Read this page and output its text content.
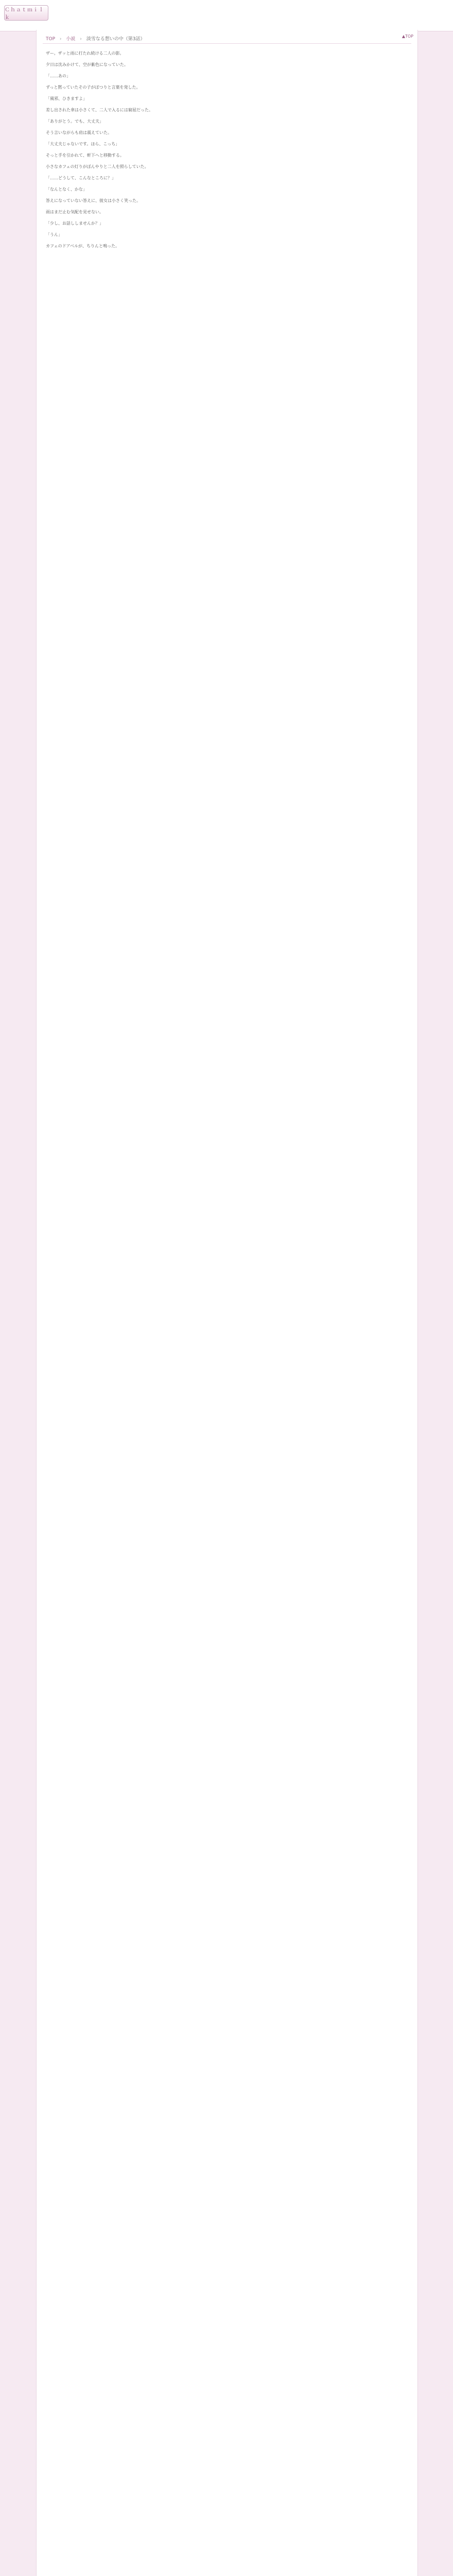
Ｃｈａｔｍｉｌｋ
▲TOP
TOP › 小説 › 淡雪なる想いの中（第3話）

ザー。ザッと雨に打たれ続ける二人の影。

夕日は沈みかけて、空が紫色になっていた。

「……あの」

ずっと黙っていたその子がぽつりと言葉を発した。

「風邪、ひきますよ」

差し出された傘は小さくて、二人で入るには窮屈だった。

「ありがとう。でも、大丈夫」

そう言いながらも肩は震えていた。

「大丈夫じゃないです。ほら、こっち」

そっと手を引かれて、軒下へと移動する。

小さなカフェの灯りがぼんやりと二人を照らしていた。

「……どうして、こんなところに？」

「なんとなく、かな」

答えになっていない答えに、彼女は小さく笑った。

雨はまだ止む気配を見せない。

「少し、お話ししませんか？」

「うん」

カフェのドアベルが、ちりんと鳴った。
